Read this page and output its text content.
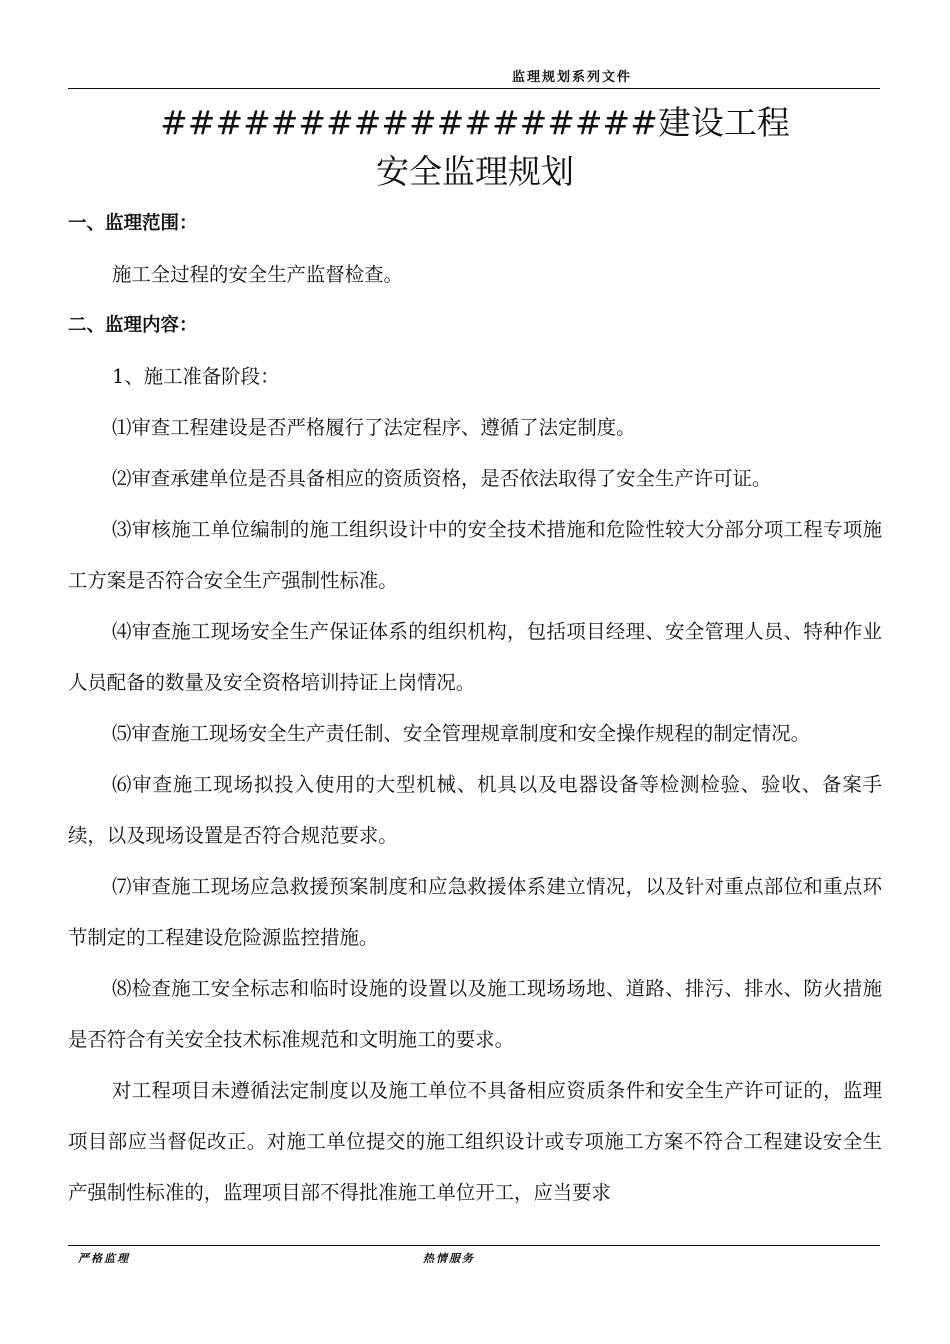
监理规划系列文件
##################建设工程
安全监理规划

一、监理范围：

施工全过程的安全生产监督检查。

二、监理内容：

1、施工准备阶段：

⑴审查工程建设是否严格履行了法定程序、遵循了法定制度。

⑵审查承建单位是否具备相应的资质资格，是否依法取得了安全生产许可证。

⑶审核施工单位编制的施工组织设计中的安全技术措施和危险性较大分部分项工程专项施工方案是否符合安全生产强制性标准。

⑷审查施工现场安全生产保证体系的组织机构，包括项目经理、安全管理人员、特种作业人员配备的数量及安全资格培训持证上岗情况。

⑸审查施工现场安全生产责任制、安全管理规章制度和安全操作规程的制定情况。

⑹审查施工现场拟投入使用的大型机械、机具以及电器设备等检测检验、验收、备案手续，以及现场设置是否符合规范要求。

⑺审查施工现场应急救援预案制度和应急救援体系建立情况，以及针对重点部位和重点环节制定的工程建设危险源监控措施。

⑻检查施工安全标志和临时设施的设置以及施工现场场地、道路、排污、排水、防火措施是否符合有关安全技术标准规范和文明施工的要求。

对工程项目未遵循法定制度以及施工单位不具备相应资质条件和安全生产许可证的，监理项目部应当督促改正。对施工单位提交的施工组织设计或专项施工方案不符合工程建设安全生产强制性标准的，监理项目部不得批准施工单位开工，应当要求

严格监理	热情服务
